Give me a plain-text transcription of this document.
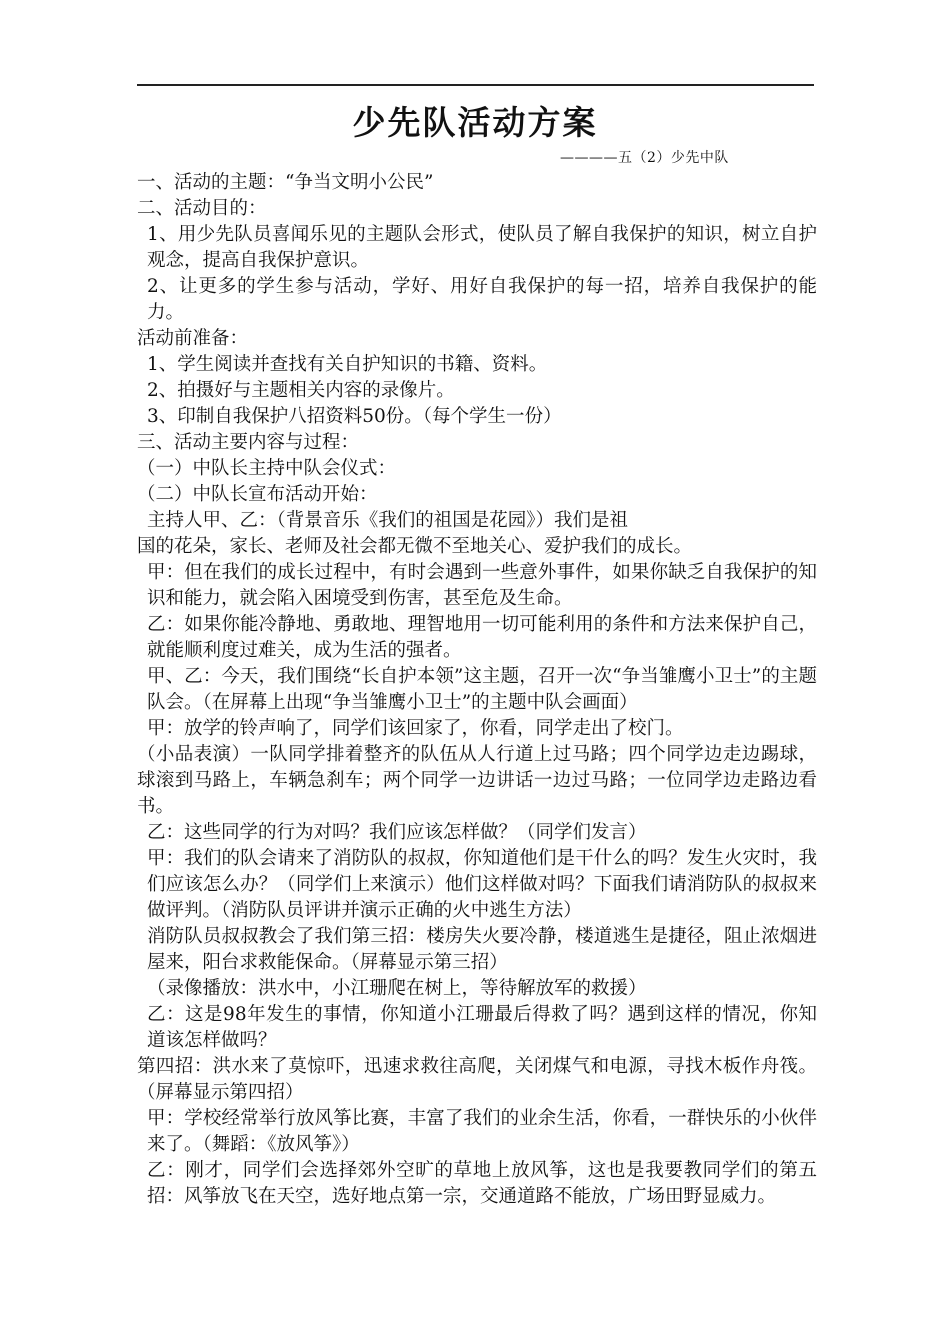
少先队活动方案
————五（2）少先中队

一、活动的主题：“争当文明小公民”

二、活动目的：

1、用少先队员喜闻乐见的主题队会形式，使队员了解自我保护的知识，树立自护观念，提高自我保护意识。

2、让更多的学生参与活动，学好、用好自我保护的每一招，培养自我保护的能力。

活动前准备：

1、学生阅读并查找有关自护知识的书籍、资料。

2、拍摄好与主题相关内容的录像片。

3、印制自我保护八招资料50份。（每个学生一份）

三、活动主要内容与过程：

（一）中队长主持中队会仪式：

（二）中队长宣布活动开始：

主持人甲、乙：（背景音乐《我们的祖国是花园》）我们是祖

国的花朵，家长、老师及社会都无微不至地关心、爱护我们的成长。

甲：但在我们的成长过程中，有时会遇到一些意外事件，如果你缺乏自我保护的知识和能力，就会陷入困境受到伤害，甚至危及生命。

乙：如果你能冷静地、勇敢地、理智地用一切可能利用的条件和方法来保护自己，就能顺利度过难关，成为生活的强者。

甲、乙：今天，我们围绕“长自护本领”这主题，召开一次“争当雏鹰小卫士”的主题队会。（在屏幕上出现“争当雏鹰小卫士”的主题中队会画面）

甲：放学的铃声响了，同学们该回家了，你看，同学走出了校门。

（小品表演）一队同学排着整齐的队伍从人行道上过马路；四个同学边走边踢球，球滚到马路上，车辆急刹车；两个同学一边讲话一边过马路；一位同学边走路边看书。

乙：这些同学的行为对吗？我们应该怎样做？（同学们发言）

甲：我们的队会请来了消防队的叔叔，你知道他们是干什么的吗？发生火灾时，我们应该怎么办？（同学们上来演示）他们这样做对吗？下面我们请消防队的叔叔来做评判。（消防队员评讲并演示正确的火中逃生方法）

消防队员叔叔教会了我们第三招：楼房失火要冷静，楼道逃生是捷径，阻止浓烟进屋来，阳台求救能保命。（屏幕显示第三招）

（录像播放：洪水中，小江珊爬在树上，等待解放军的救援）

乙：这是98年发生的事情，你知道小江珊最后得救了吗？遇到这样的情况，你知道该怎样做吗？

第四招：洪水来了莫惊吓，迅速求救往高爬，关闭煤气和电源，寻找木板作舟筏。（屏幕显示第四招）

甲：学校经常举行放风筝比赛，丰富了我们的业余生活，你看，一群快乐的小伙伴来了。（舞蹈：《放风筝》）

乙：刚才，同学们会选择郊外空旷的草地上放风筝，这也是我要教同学们的第五招：风筝放飞在天空，选好地点第一宗，交通道路不能放，广场田野显威力。
